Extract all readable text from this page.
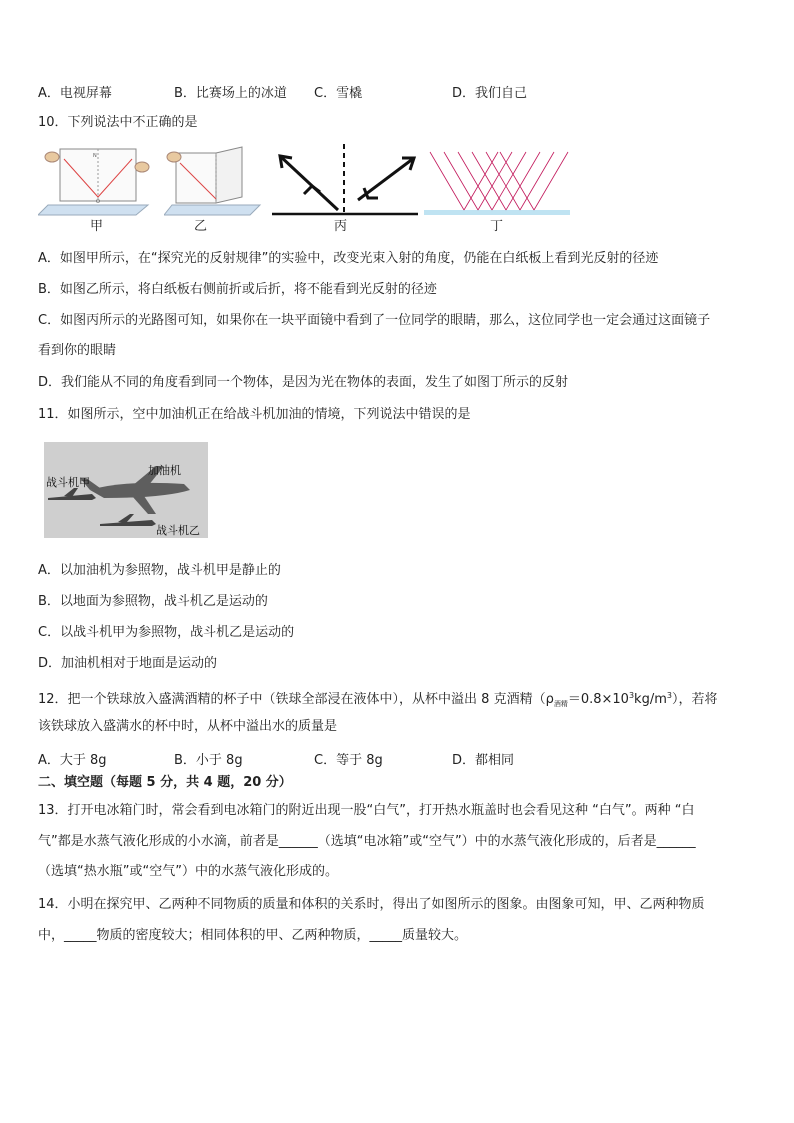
A．电视屏幕	B．比赛场上的冰道 C．雪橇	D．我们自己
10．下列说法中不正确的是
N
O
甲	乙	丙	丁
A．如图甲所示，在“探究光的反射规律”的实验中，改变光束入射的角度，仍能在白纸板上看到光反射的径迹
B．如图乙所示，将白纸板右侧前折或后折，将不能看到光反射的径迹
C．如图丙所示的光路图可知，如果你在一块平面镜中看到了一位同学的眼睛，那么，这位同学也一定会通过这面镜子
看到你的眼睛
D．我们能从不同的角度看到同一个物体，是因为光在物体的表面，发生了如图丁所示的反射
11．如图所示，空中加油机正在给战斗机加油的情境，下列说法中错误的是
加油机
战斗机甲
战斗机乙
A．以加油机为参照物，战斗机甲是静止的
B．以地面为参照物，战斗机乙是运动的
C．以战斗机甲为参照物，战斗机乙是运动的
D．加油机相对于地面是运动的
12．把一个铁球放入盛满酒精的杯子中（铁球全部浸在液体中），从杯中溢出 8 克酒精$(\rho_{酒精}=0.8\times 10^3kg/m^3)$，若将
该铁球放入盛满水的杯中时，从杯中溢出水的质量是
A．大于 8g	B．小于 8g	C．等于 8g	D．都相同
二、填空题（每题 5 分，共 4 题，20 分）
13．打开电冰箱门时，常会看到电冰箱门的附近出现一股“白气”，打开热水瓶盖时也会看见这种 “白气”。两种 “白
气”都是水蒸气液化形成的小水滴，前者是______（选填“电冰箱”或“空气”）中的水蒸气液化形成的，后者是______
（选填“热水瓶”或“空气”）中的水蒸气液化形成的。
14．小明在探究甲、乙两种不同物质的质量和体积的关系时，得出了如图所示的图象。由图象可知，甲、乙两种物质
中，_____物质的密度较大；相同体积的甲、乙两种物质，_____质量较大。
